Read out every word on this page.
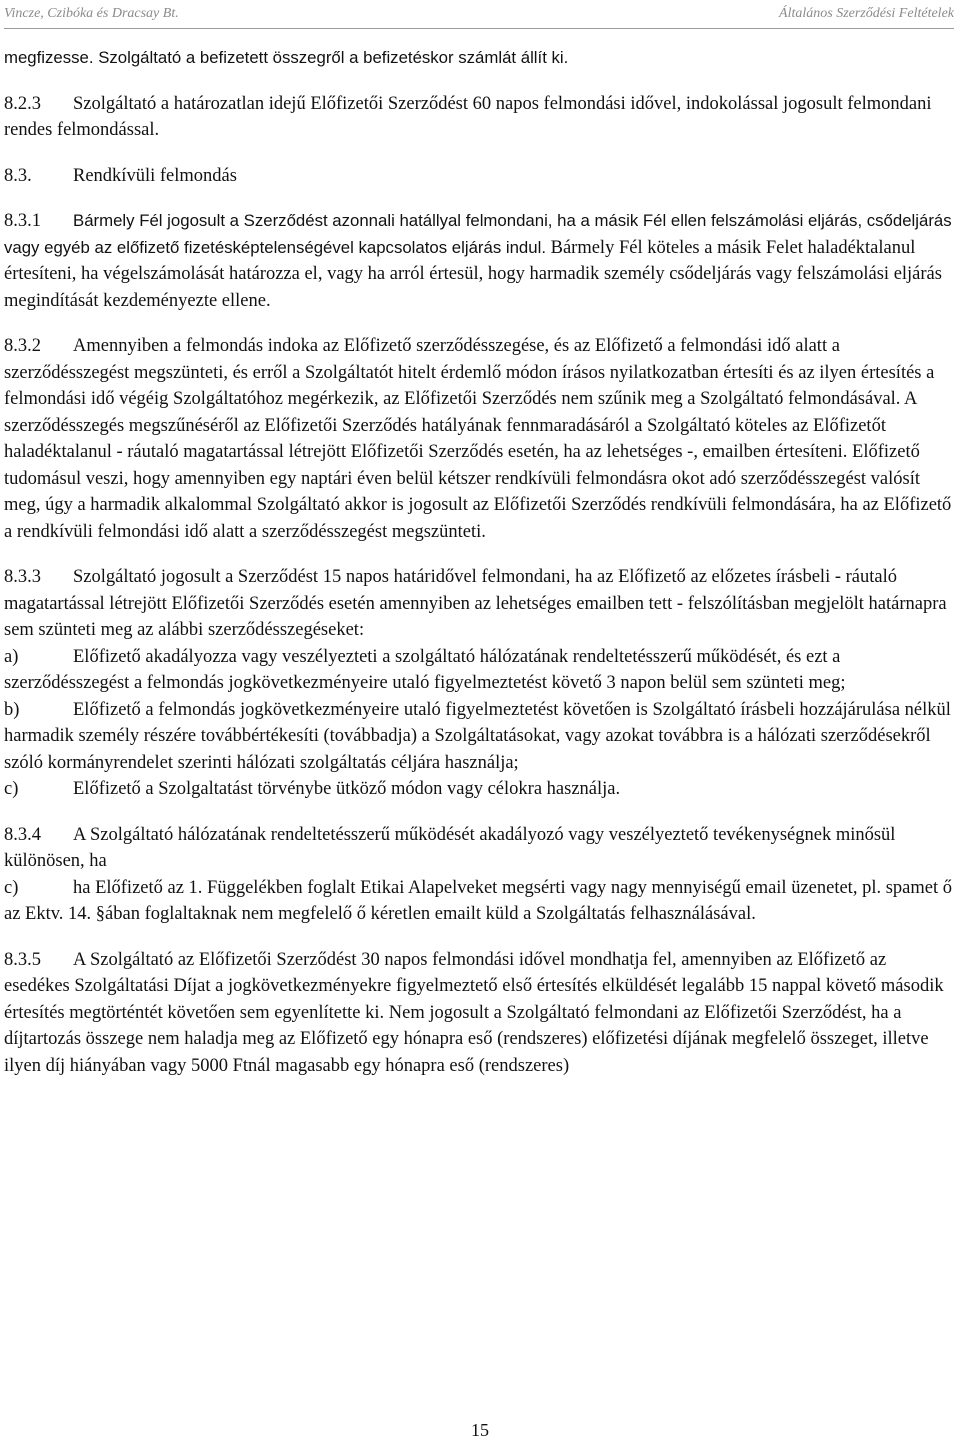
Vincze, Czibóka és Dracsay Bt.	Általános Szerződési Feltételek

megfizesse. Szolgáltató a befizetett összegről a befizetéskor számlát állít ki.

8.2.3 Szolgáltató a határozatlan idejű Előfizetői Szerződést 60 napos felmondási idővel, indokolással jogosult felmondani rendes felmondással.

8.3. Rendkívüli felmondás

8.3.1 Bármely Fél jogosult a Szerződést azonnali hatállyal felmondani, ha a másik Fél ellen felszámolási eljárás, csődeljárás vagy egyéb az előfizető fizetésképtelenségével kapcsolatos eljárás indul. Bármely Fél köteles a másik Felet haladéktalanul értesíteni, ha végelszámolását határozza el, vagy ha arról értesül, hogy harmadik személy csődeljárás vagy felszámolási eljárás megindítását kezdeményezte ellene.

8.3.2 Amennyiben a felmondás indoka az Előfizető szerződésszegése, és az Előfizető a felmondási idő alatt a szerződésszegést megszünteti, és erről a Szolgáltatót hitelt érdemlő módon írásos nyilatkozatban értesíti és az ilyen értesítés a felmondási idő végéig Szolgáltatóhoz megérkezik, az Előfizetői Szerződés nem szűnik meg a Szolgáltató felmondásával. A szerződésszegés megszűnéséről az Előfizetői Szerződés hatályának fennmaradásáról a Szolgáltató köteles az Előfizetőt haladéktalanul - ráutaló magatartással létrejött Előfizetői Szerződés esetén, ha az lehetséges -, emailben értesíteni. Előfizető tudomásul veszi, hogy amennyiben egy naptári éven belül kétszer rendkívüli felmondásra okot adó szerződésszegést valósít meg, úgy a harmadik alkalommal Szolgáltató akkor is jogosult az Előfizetői Szerződés rendkívüli felmondására, ha az Előfizető a rendkívüli felmondási idő alatt a szerződésszegést megszünteti.

8.3.3 Szolgáltató jogosult a Szerződést 15 napos határidővel felmondani, ha az Előfizető az előzetes írásbeli - ráutaló magatartással létrejött Előfizetői Szerződés esetén amennyiben az lehetséges emailben tett - felszólításban megjelölt határnapra sem szünteti meg az alábbi szerződésszegéseket:
a)	Előfizető akadályozza vagy veszélyezteti a szolgáltató hálózatának rendeltetésszerű működését, és ezt a szerződésszegést a felmondás jogkövetkezményeire utaló figyelmeztetést követő 3 napon belül sem szünteti meg;
b)	Előfizető a felmondás jogkövetkezményeire utaló figyelmeztetést követően is Szolgáltató írásbeli hozzájárulása nélkül harmadik személy részére továbbértékesíti (továbbadja) a Szolgáltatásokat, vagy azokat továbbra is a hálózati szerződésekről szóló kormányrendelet szerinti hálózati szolgáltatás céljára használja;
c)	Előfizető a Szolgaltatást törvénybe ütköző módon vagy célokra használja.
8.3.4 A Szolgáltató hálózatának rendeltetésszerű működését akadályozó vagy veszélyeztető tevékenységnek minősül különösen, ha
c)	ha Előfizető az 1. Függelékben foglalt Etikai Alapelveket megsérti vagy nagy mennyiségű email üzenetet, pl. spamet ő az Ektv. 14. §ában foglaltaknak nem megfelelő ő kéretlen emailt küld a Szolgáltatás felhasználásával.

8.3.5 A Szolgáltató az Előfizetői Szerződést 30 napos felmondási idővel mondhatja fel, amennyiben az Előfizető az esedékes Szolgáltatási Díjat a jogkövetkezményekre figyelmeztető első értesítés elküldését legalább 15 nappal követő második értesítés megtörténtét követően sem egyenlítette ki. Nem jogosult a Szolgáltató felmondani az Előfizetői Szerződést, ha a díjtartozás összege nem haladja meg az Előfizető egy hónapra eső (rendszeres) előfizetési díjának megfelelő összeget, illetve ilyen díj hiányában vagy 5000 Ftnál magasabb egy hónapra eső (rendszeres)

15
